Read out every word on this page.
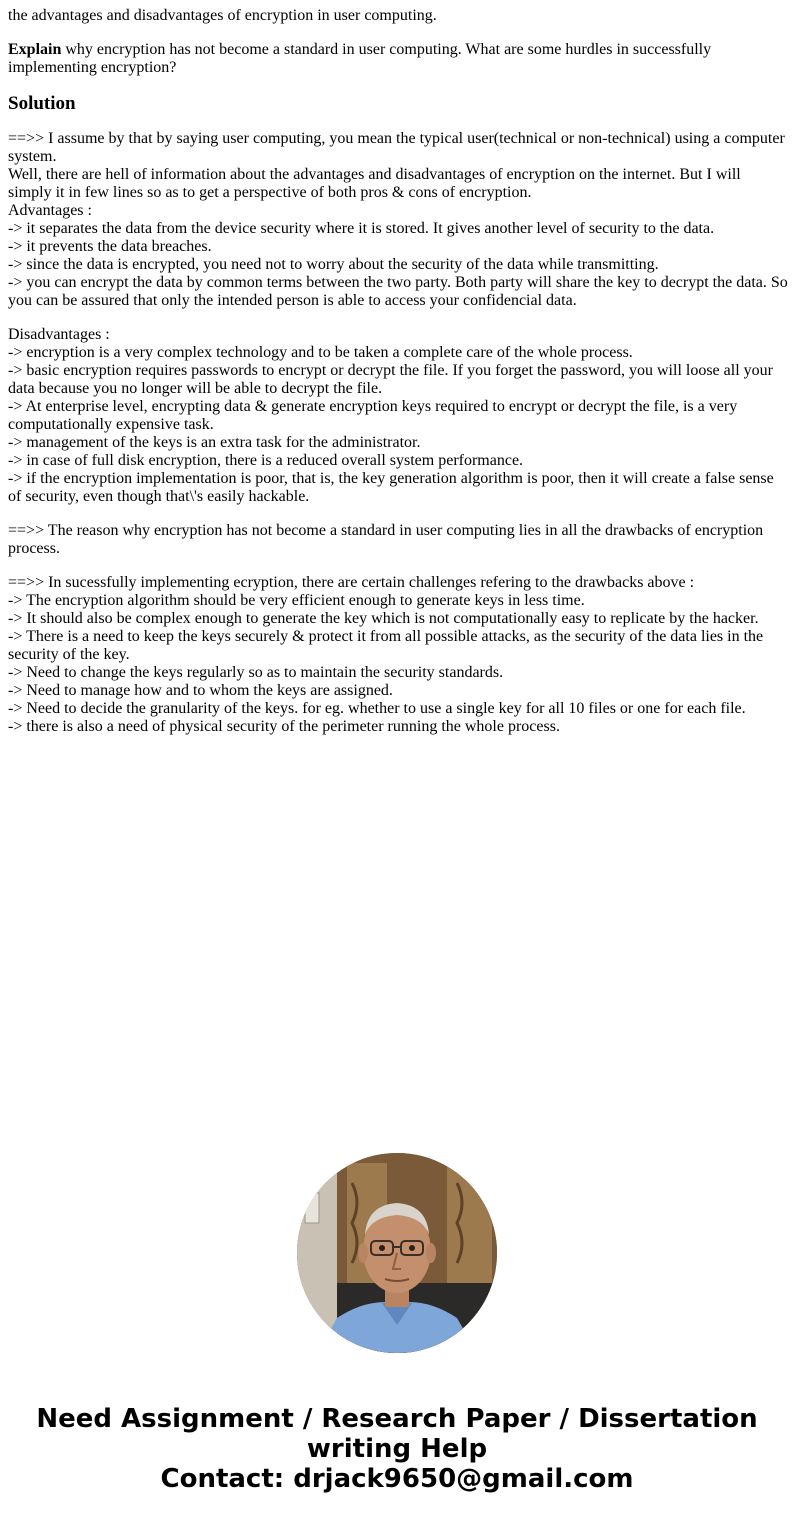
the advantages and disadvantages of encryption in user computing.

Explain why encryption has not become a standard in user computing. What are some hurdles in successfully implementing encryption?

Solution

==>> I assume by that by saying user computing, you mean the typical user(technical or non-technical) using a computer system.
Well, there are hell of information about the advantages and disadvantages of encryption on the internet. But I will simply it in few lines so as to get a perspective of both pros & cons of encryption.
Advantages :
-> it separates the data from the device security where it is stored. It gives another level of security to the data.
-> it prevents the data breaches.
-> since the data is encrypted, you need not to worry about the security of the data while transmitting.
-> you can encrypt the data by common terms between the two party. Both party will share the key to decrypt the data. So you can be assured that only the intended person is able to access your confidencial data.

Disadvantages :
-> encryption is a very complex technology and to be taken a complete care of the whole process.
-> basic encryption requires passwords to encrypt or decrypt the file. If you forget the password, you will loose all your data because you no longer will be able to decrypt the file.
-> At enterprise level, encrypting data & generate encryption keys required to encrypt or decrypt the file, is a very computationally expensive task.
-> management of the keys is an extra task for the administrator.
-> in case of full disk encryption, there is a reduced overall system performance.
-> if the encryption implementation is poor, that is, the key generation algorithm is poor, then it will create a false sense of security, even though that\'s easily hackable.

==>> The reason why encryption has not become a standard in user computing lies in all the drawbacks of encryption process.

==>> In sucessfully implementing ecryption, there are certain challenges refering to the drawbacks above :
-> The encryption algorithm should be very efficient enough to generate keys in less time.
-> It should also be complex enough to generate the key which is not computationally easy to replicate by the hacker.
-> There is a need to keep the keys securely & protect it from all possible attacks, as the security of the data lies in the security of the key.
-> Need to change the keys regularly so as to maintain the security standards.
-> Need to manage how and to whom the keys are assigned.
-> Need to decide the granularity of the keys. for eg. whether to use a single key for all 10 files or one for each file.
-> there is also a need of physical security of the perimeter running the whole process.

Need Assignment / Research Paper / Dissertation
writing Help
Contact: drjack9650@gmail.com
